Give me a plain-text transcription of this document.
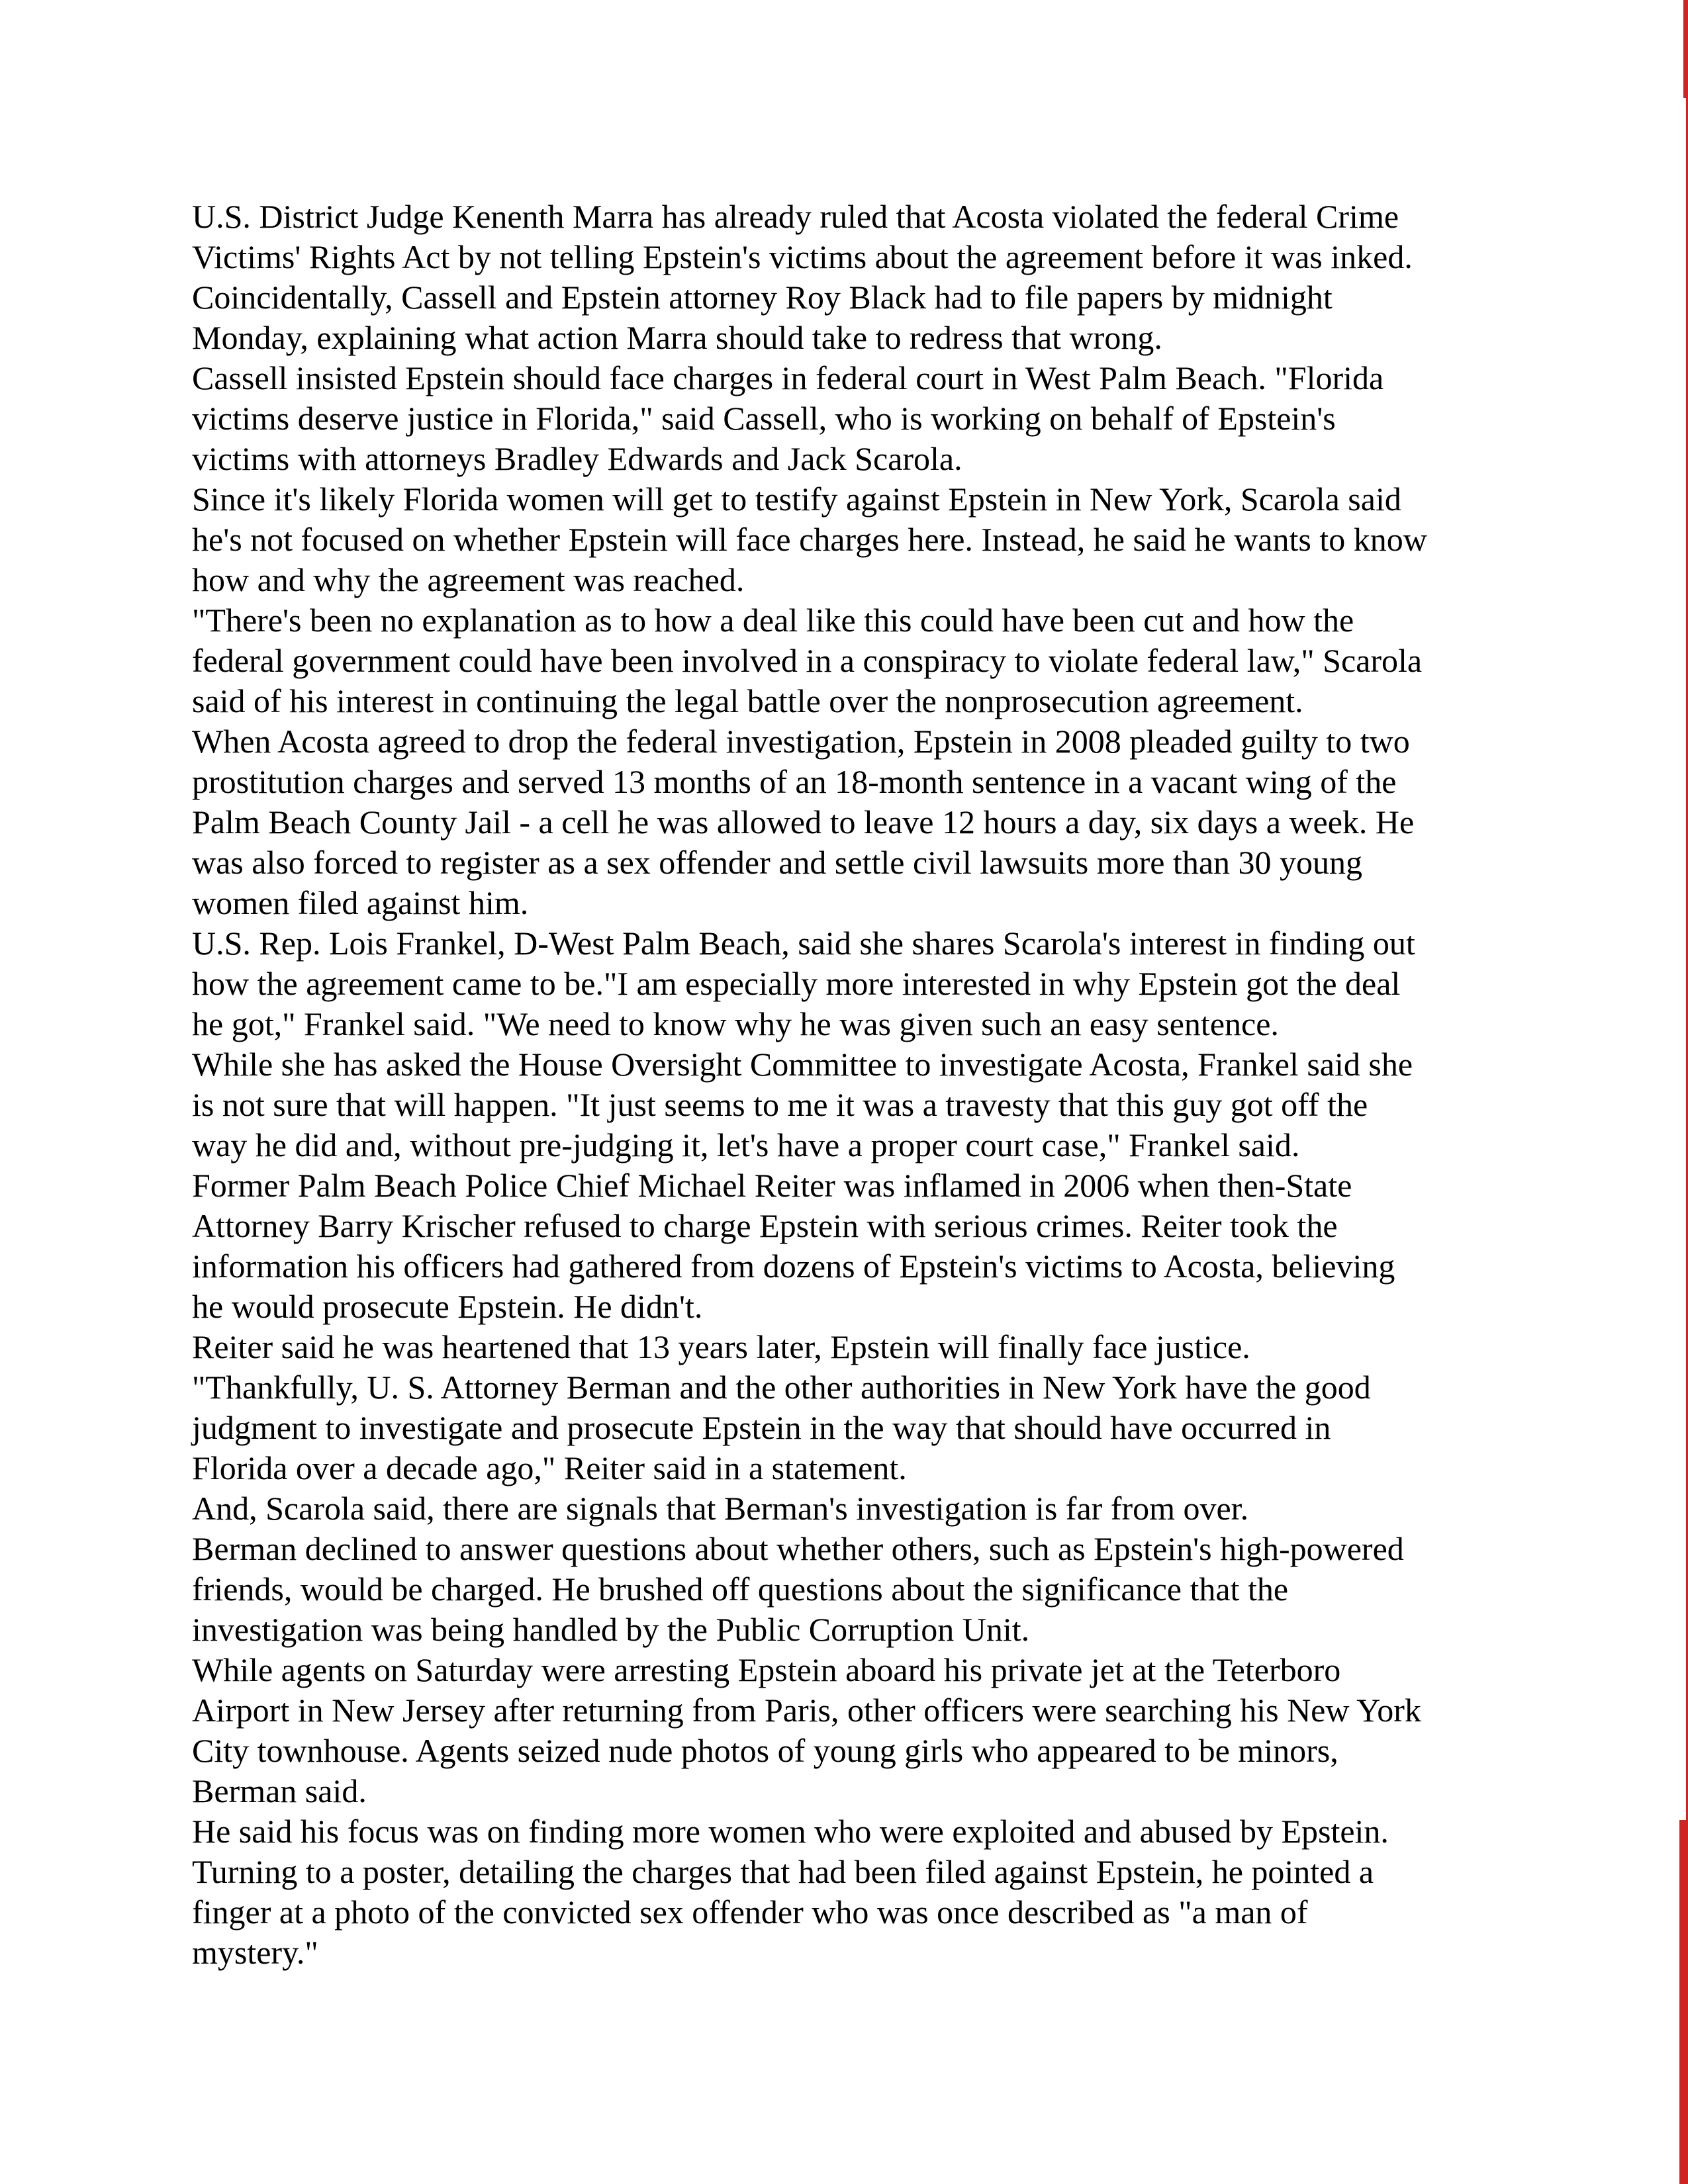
U.S. District Judge Kenenth Marra has already ruled that Acosta violated the federal Crime
Victims' Rights Act by not telling Epstein's victims about the agreement before it was inked.
Coincidentally, Cassell and Epstein attorney Roy Black had to file papers by midnight
Monday, explaining what action Marra should take to redress that wrong.
Cassell insisted Epstein should face charges in federal court in West Palm Beach. "Florida
victims deserve justice in Florida," said Cassell, who is working on behalf of Epstein's
victims with attorneys Bradley Edwards and Jack Scarola.
Since it's likely Florida women will get to testify against Epstein in New York, Scarola said
he's not focused on whether Epstein will face charges here. Instead, he said he wants to know
how and why the agreement was reached.
"There's been no explanation as to how a deal like this could have been cut and how the
federal government could have been involved in a conspiracy to violate federal law," Scarola
said of his interest in continuing the legal battle over the nonprosecution agreement.
When Acosta agreed to drop the federal investigation, Epstein in 2008 pleaded guilty to two
prostitution charges and served 13 months of an 18-month sentence in a vacant wing of the
Palm Beach County Jail - a cell he was allowed to leave 12 hours a day, six days a week. He
was also forced to register as a sex offender and settle civil lawsuits more than 30 young
women filed against him.
U.S. Rep. Lois Frankel, D-West Palm Beach, said she shares Scarola's interest in finding out
how the agreement came to be."I am especially more interested in why Epstein got the deal
he got," Frankel said. "We need to know why he was given such an easy sentence.
While she has asked the House Oversight Committee to investigate Acosta, Frankel said she
is not sure that will happen. "It just seems to me it was a travesty that this guy got off the
way he did and, without pre-judging it, let's have a proper court case," Frankel said.
Former Palm Beach Police Chief Michael Reiter was inflamed in 2006 when then-State
Attorney Barry Krischer refused to charge Epstein with serious crimes. Reiter took the
information his officers had gathered from dozens of Epstein's victims to Acosta, believing
he would prosecute Epstein. He didn't.
Reiter said he was heartened that 13 years later, Epstein will finally face justice.
"Thankfully, U. S. Attorney Berman and the other authorities in New York have the good
judgment to investigate and prosecute Epstein in the way that should have occurred in
Florida over a decade ago," Reiter said in a statement.
And, Scarola said, there are signals that Berman's investigation is far from over.
Berman declined to answer questions about whether others, such as Epstein's high-powered
friends, would be charged. He brushed off questions about the significance that the
investigation was being handled by the Public Corruption Unit.
While agents on Saturday were arresting Epstein aboard his private jet at the Teterboro
Airport in New Jersey after returning from Paris, other officers were searching his New York
City townhouse. Agents seized nude photos of young girls who appeared to be minors,
Berman said.
He said his focus was on finding more women who were exploited and abused by Epstein.
Turning to a poster, detailing the charges that had been filed against Epstein, he pointed a
finger at a photo of the convicted sex offender who was once described as "a man of
mystery."
